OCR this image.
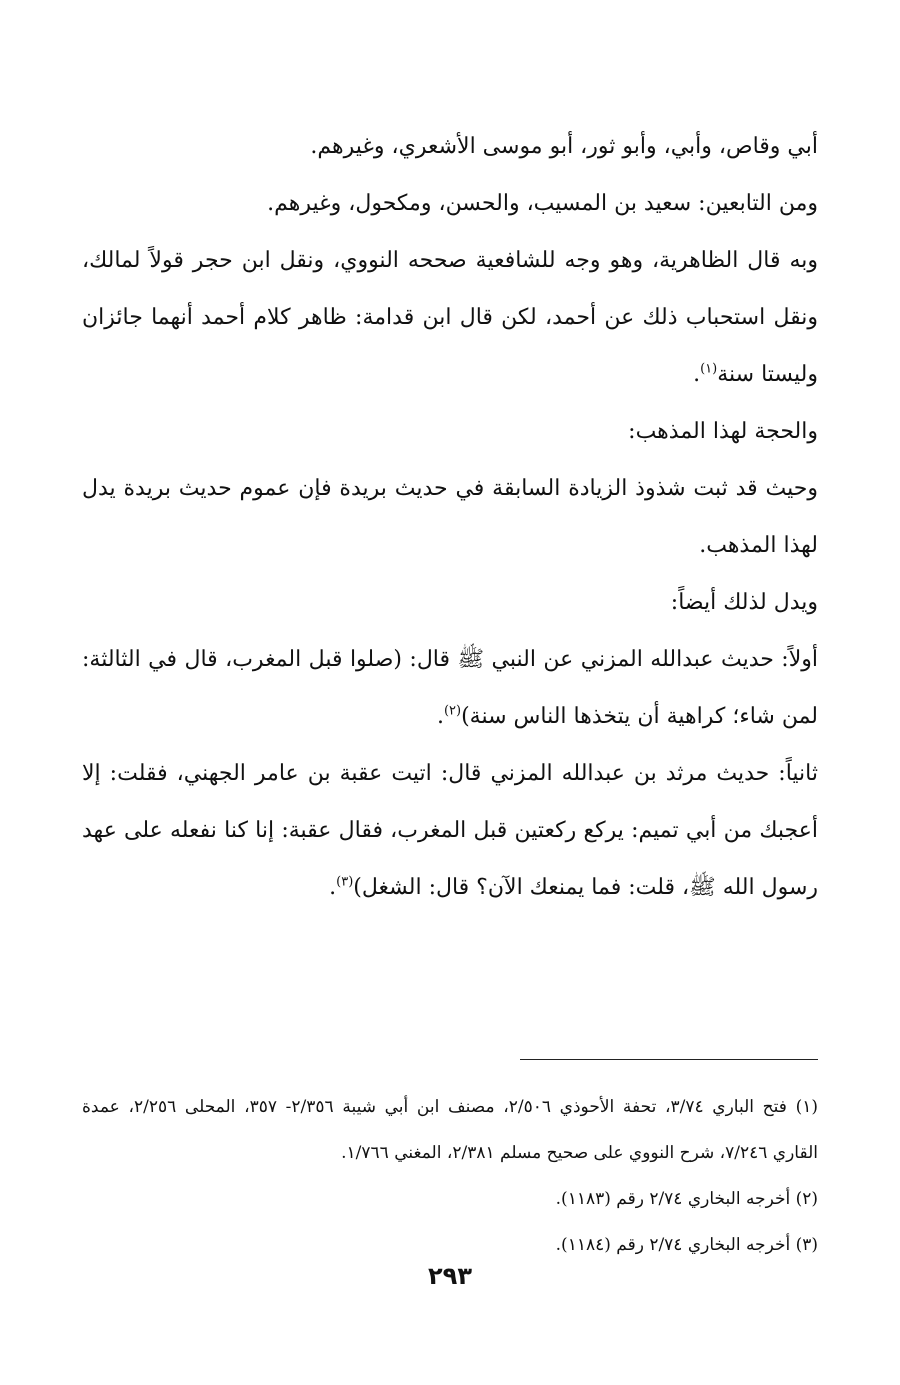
أبي وقاص، وأبي، وأبو ثور، أبو موسى الأشعري، وغيرهم.

ومن التابعين: سعيد بن المسيب، والحسن، ومكحول، وغيرهم.

وبه قال الظاهرية، وهو وجه للشافعية صححه النووي، ونقل ابن حجر قولاً لمالك، ونقل استحباب ذلك عن أحمد، لكن قال ابن قدامة: ظاهر كلام أحمد أنهما جائزان وليستا سنة$^{(١)}$.

والحجة لهذا المذهب:

وحيث قد ثبت شذوذ الزيادة السابقة في حديث بريدة فإن عموم حديث بريدة يدل لهذا المذهب.

ويدل لذلك أيضاً:

أولاً: حديث عبدالله المزني عن النبي ﷺ قال: (صلوا قبل المغرب، قال في الثالثة: لمن شاء؛ كراهية أن يتخذها الناس سنة)$^{(٢)}$.

ثانياً: حديث مرثد بن عبدالله المزني قال: اتيت عقبة بن عامر الجهني، فقلت: إلا أعجبك من أبي تميم: يركع ركعتين قبل المغرب، فقال عقبة: إنا كنا نفعله على عهد رسول الله ﷺ، قلت: فما يمنعك الآن؟ قال: الشغل)$^{(٣)}$.

(١) فتح الباري ٣/٧٤، تحفة الأحوذي ٢/٥٠٦، مصنف ابن أبي شيبة ٢/٣٥٦- ٣٥٧، المحلى ٢/٢٥٦، عمدة القاري ٧/٢٤٦، شرح النووي على صحيح مسلم ٢/٣٨١، المغني ١/٧٦٦.

(٢) أخرجه البخاري ٢/٧٤ رقم (١١٨٣).

(٣) أخرجه البخاري ٢/٧٤ رقم (١١٨٤).

٢٩٣
